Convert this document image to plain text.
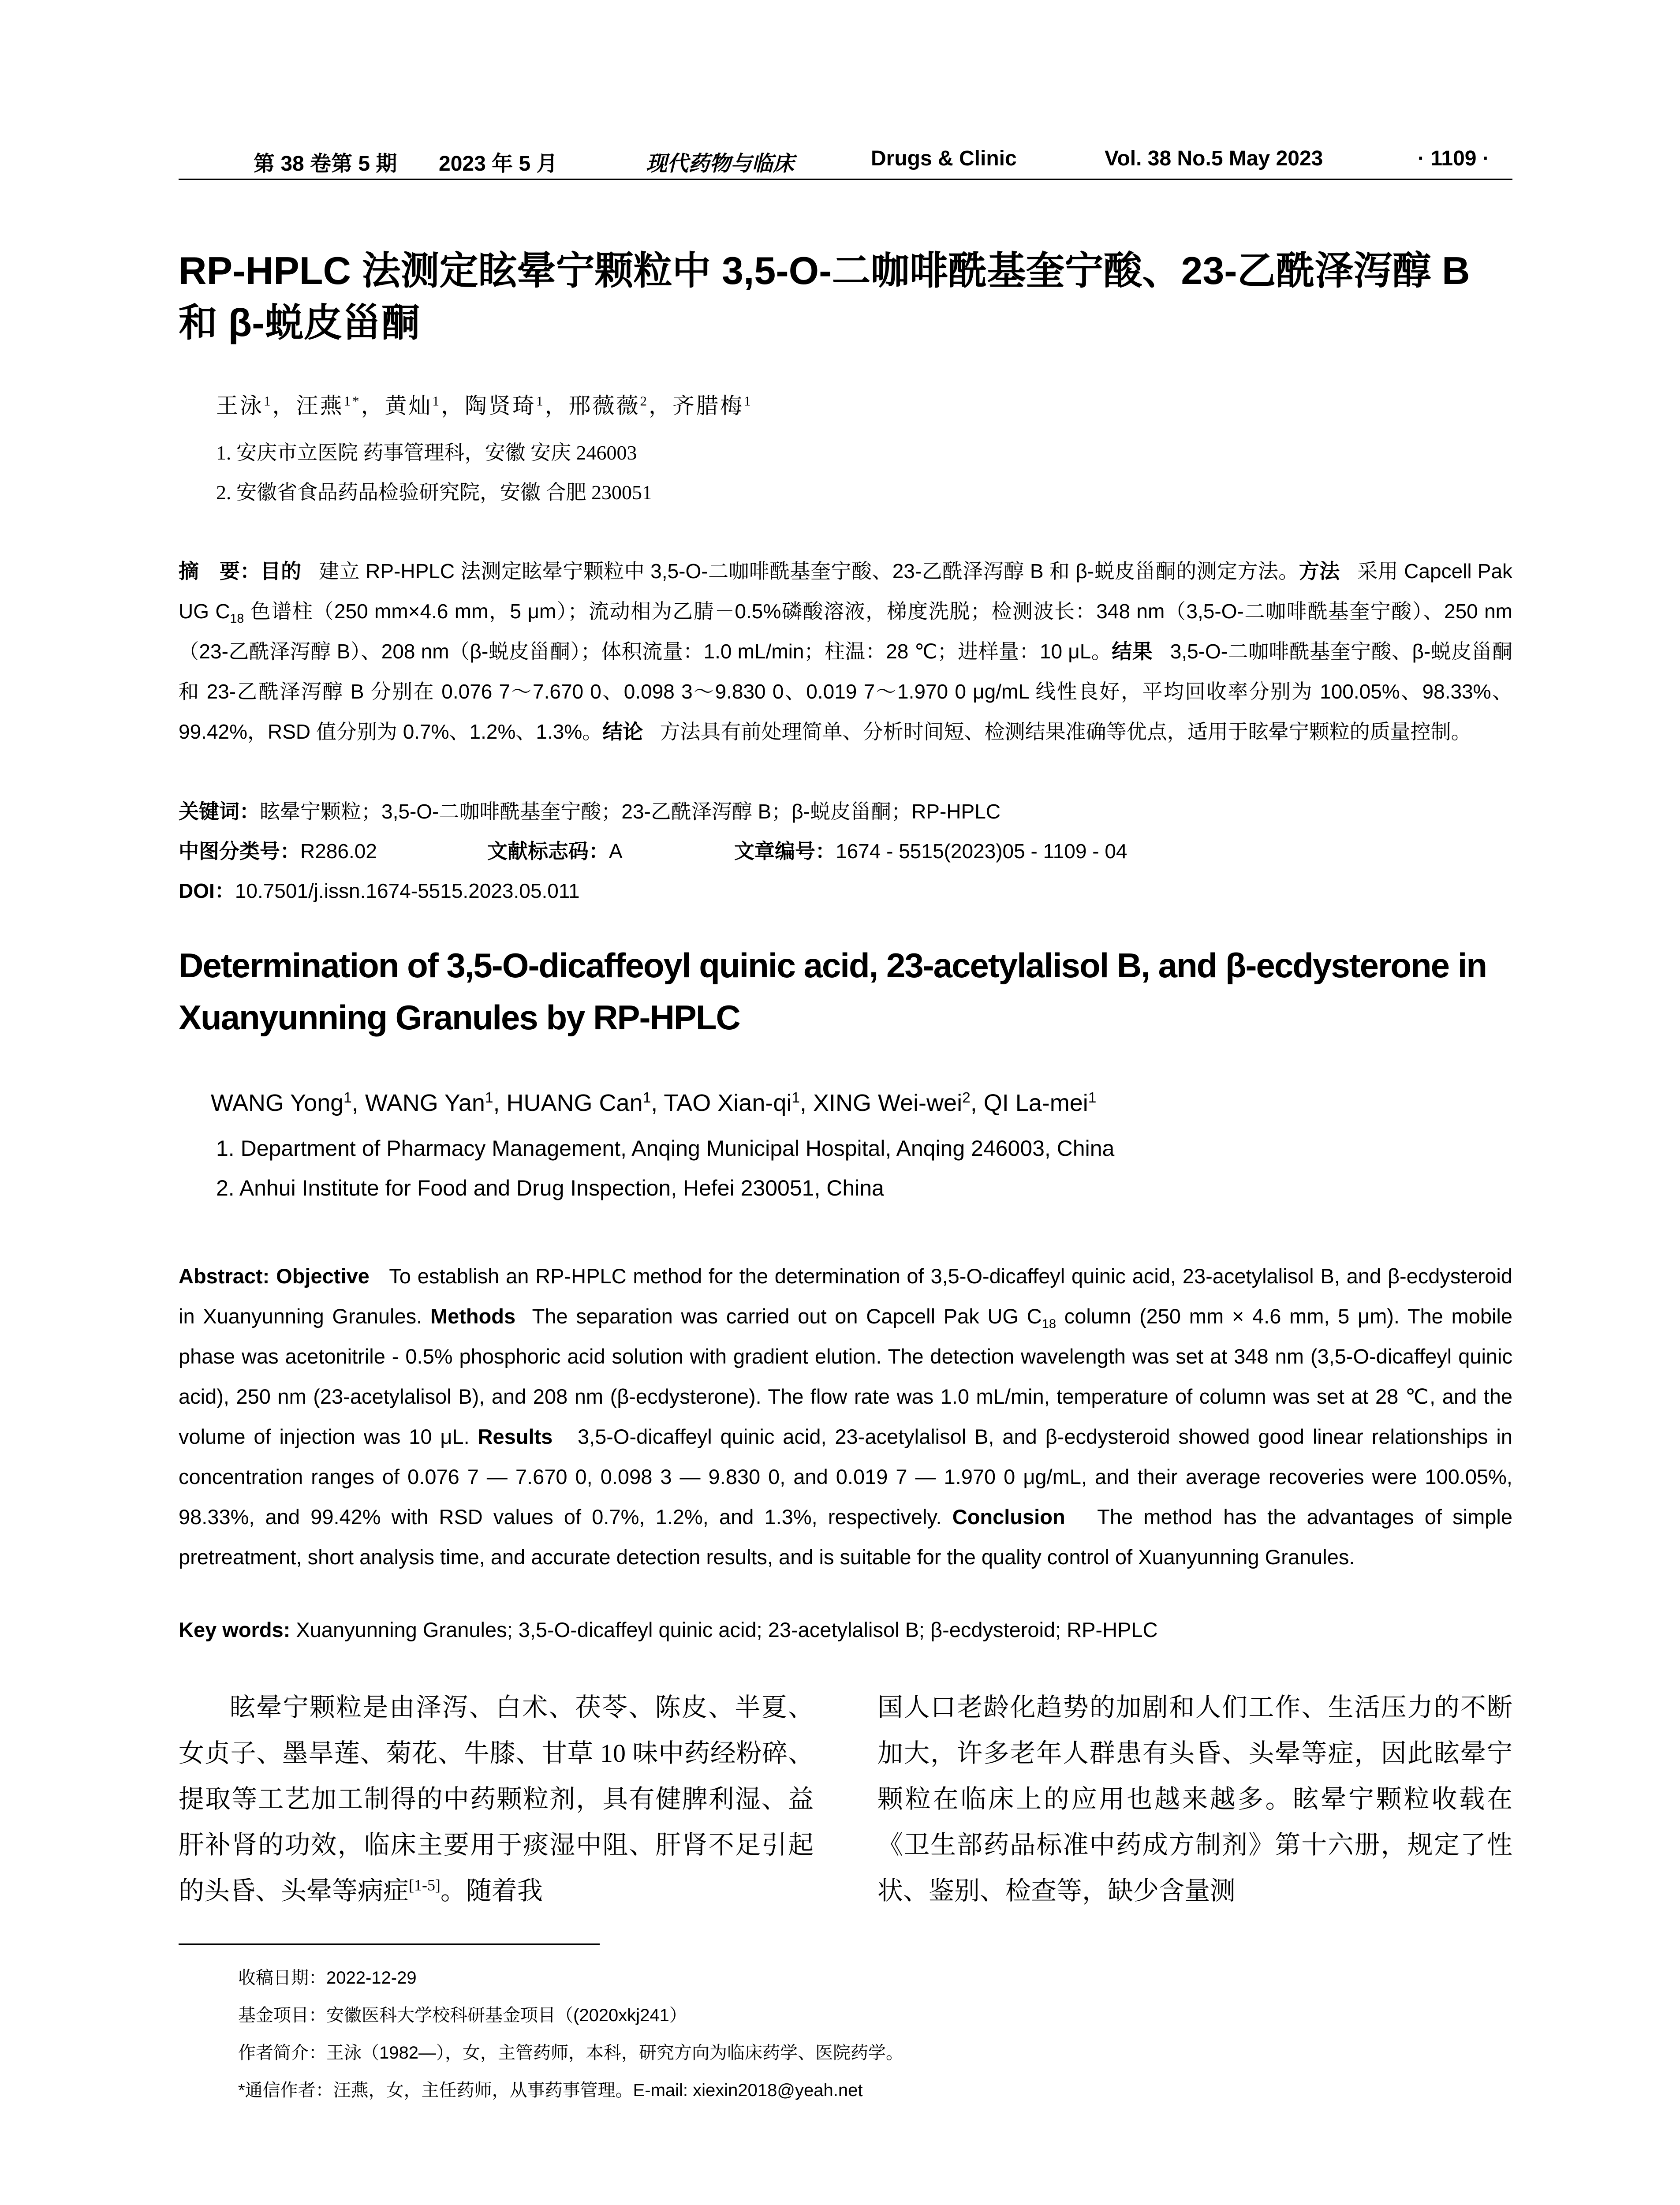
第 38 卷第 5 期 2023 年 5 月	现代药物与临床	Drugs & Clinic	Vol. 38 No.5 May 2023	· 1109 ·
RP-HPLC 法测定眩晕宁颗粒中 3,5-O-二咖啡酰基奎宁酸、23-乙酰泽泻醇 B 和 β-蜕皮甾酮
王泳$^1$，汪燕$^{1*}$，黄灿$^1$，陶贤琦$^1$，邢薇薇$^2$，齐腊梅$^1$
1. 安庆市立医院 药事管理科，安徽 安庆 246003
2. 安徽省食品药品检验研究院，安徽 合肥 230051
摘　要：目的 建立 RP-HPLC 法测定眩晕宁颗粒中 3,5-O-二咖啡酰基奎宁酸、23-乙酰泽泻醇 B 和 β-蜕皮甾酮的测定方法。方法 采用 Capcell Pak UG $C_{18}$ 色谱柱（250 mm×4.6 mm，5 μm）；流动相为乙腈－0.5%磷酸溶液，梯度洗脱；检测波长：348 nm（3,5-O-二咖啡酰基奎宁酸）、250 nm（23-乙酰泽泻醇 B）、208 nm（β-蜕皮甾酮）；体积流量：1.0 mL/min；柱温：28 ℃；进样量：10 μL。结果 3,5-O-二咖啡酰基奎宁酸、β-蜕皮甾酮和 23-乙酰泽泻醇 B 分别在 0.076 7～7.670 0、0.098 3～9.830 0、0.019 7～1.970 0 μg/mL 线性良好，平均回收率分别为 100.05%、98.33%、99.42%，RSD 值分别为 0.7%、1.2%、1.3%。结论 方法具有前处理简单、分析时间短、检测结果准确等优点，适用于眩晕宁颗粒的质量控制。
关键词：眩晕宁颗粒；3,5-O-二咖啡酰基奎宁酸；23-乙酰泽泻醇 B；β-蜕皮甾酮；RP-HPLC
中图分类号： R286.02	文献标志码： A	文章编号： 1674 - 5515(2023)05 - 1109 - 04
DOI：10.7501/j.issn.1674-5515.2023.05.011
Determination of 3,5-O-dicaffeoyl quinic acid, 23-acetylalisol B, and β-ecdysterone in Xuanyunning Granules by RP-HPLC
WANG Yong$^1$, WANG Yan$^1$, HUANG Can$^1$, TAO Xian-$qi^1$, XING Wei-wei$^2$, QI La-mei$^1$
1. Department of Pharmacy Management, Anqing Municipal Hospital, Anqing 246003, China
2. Anhui Institute for Food and Drug Inspection, Hefei 230051, China
Abstract: Objective To establish an RP-HPLC method for the determination of 3,5-O-dicaffeyl quinic acid, 23-acetylalisol B, and β-ecdysteroid in Xuanyunning Granules. Methods The separation was carried out on Capcell Pak UG $C_{18}$ column (250 mm × 4.6 mm, 5 μm). The mobile phase was acetonitrile - 0.5% phosphoric acid solution with gradient elution. The detection wavelength was set at 348 nm (3,5-O-dicaffeyl quinic acid), 250 nm (23-acetylalisol B), and 208 nm (β-ecdysterone). The flow rate was 1.0 mL/min, temperature of column was set at 28 ℃, and the volume of injection was 10 μL. Results 3,5-O-dicaffeyl quinic acid, 23-acetylalisol B, and β-ecdysteroid showed good linear relationships in concentration ranges of 0.076 7 — 7.670 0, 0.098 3 — 9.830 0, and 0.019 7 — 1.970 0 μg/mL, and their average recoveries were 100.05%, 98.33%, and 99.42% with RSD values of 0.7%, 1.2%, and 1.3%, respectively. Conclusion The method has the advantages of simple pretreatment, short analysis time, and accurate detection results, and is suitable for the quality control of Xuanyunning Granules.
Key words: Xuanyunning Granules; 3,5-O-dicaffeyl quinic acid; 23-acetylalisol B; β-ecdysteroid; RP-HPLC
眩晕宁颗粒是由泽泻、白术、茯苓、陈皮、半夏、女贞子、墨旱莲、菊花、牛膝、甘草 10 味中药经粉碎、提取等工艺加工制得的中药颗粒剂，具有健脾利湿、益肝补肾的功效，临床主要用于痰湿中阻、肝肾不足引起的头昏、头晕等病症[1-5]。随着我
国人口老龄化趋势的加剧和人们工作、生活压力的不断加大，许多老年人群患有头昏、头晕等症，因此眩晕宁颗粒在临床上的应用也越来越多。眩晕宁颗粒收载在《卫生部药品标准中药成方制剂》第十六册，规定了性状、鉴别、检查等，缺少含量测
收稿日期：2022-12-29
基金项目：安徽医科大学校科研基金项目（(2020xkj241）
作者简介：王泳（1982—），女，主管药师，本科，研究方向为临床药学、医院药学。
*通信作者：汪燕，女，主任药师，从事药事管理。E-mail: xiexin2018@yeah.net
